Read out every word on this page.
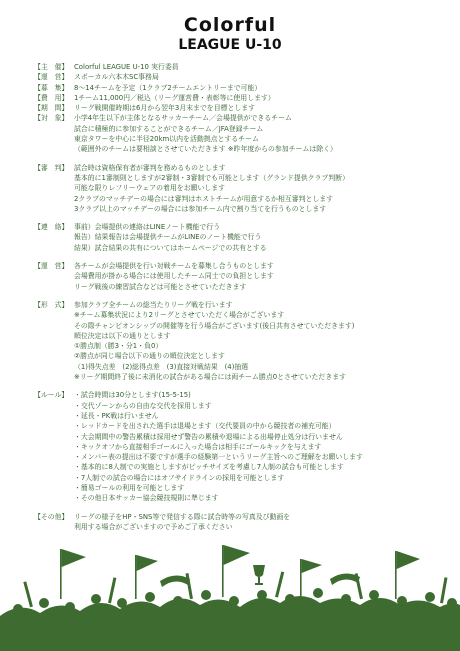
Colorful
LEAGUE U-10
【主　催】 Colorful LEAGUE U-10 実行委員
【運　営】 スポーカル六本木SC事務局
【募　集】 8～14チームを予定（1クラブ2チームエントリーまで可能）
【費　用】 1チーム11,000円／税込（リーグ運営費・表彰等に使用します）
【期　間】 リーグ戦開催時期は6月から翌年3月末までを目標とします
【対　象】 小学4年生以下が主体となるサッカーチーム／会場提供ができるチーム
試合に積極的に参加することができるチーム／JFA登録チーム
東京タワーを中心に半径20km以内を活動拠点とするチーム
（範囲外のチームは要相談とさせていただきます ※昨年度からの参加チームは除く）
【審　判】 試合時は資格保有者が審判を務めるものとします
基本的に1審制則としますが2審制・3審制でも可能とします（グランド提供クラブ判断）
可能な限りレフリーウェアの着用をお願いします
2クラブのマッチデーの場合には審判はホストチームが用意するか相互審判とします
3クラブ以上のマッチデーの場合には参加チーム内で割り当てを行うものとします
【連　絡】 事前）会場提供の連絡はLINEノート機能で行う
報告）結果報告は会場提供チームがLINEのノート機能で行う
結果）試合結果の共有についてはホームページでの共有とする
【運　営】 各チームが会場提供を行い対戦チームを募集し合うものとします
会場費用が掛かる場合には使用したチーム同士での負担とします
リーグ戦後の練習試合などは可能とさせていただきます
【形　式】 参加クラブ全チームの総当たりリーグ戦を行います
※チーム募集状況により2リーグとさせていただく場合がございます
その際チャンピオンシップの開催等を行う場合がございます(後日共有させていただきます)
順位決定は以下の通りとします
①勝点制（勝3・分1・負0）
②勝点が同じ場合以下の通りの順位決定とします
（1)得失点差　(2)総得点差　(3)直接対戦結果　(4)抽選
※リーグ期間終了後に未消化の試合がある場合には両チーム勝点0とさせていただきます
【ルール】 ・試合時間は30分とします(15-5-15)
・交代ゾーンからの自由な交代を採用します
・延長・PK戦は行いません
・レッドカードを出された選手は退場とます（交代要員の中から競技者の補充可能）
・大会期間中の警告累積は採用せず警告の累積や退場による出場停止処分は行いません
・キックオフから直接相手ゴールに入った場合は相手にゴールキックを与えます
・メンバー表の提出は不要ですが選手の経験第一というリーグ主旨へのご理解をお願いします
・基本的に8人制での実施としますがピッチサイズを考慮し7人制の試合も可能とします
・7人制での試合の場合にはオフサイドラインの採用を可能とします
・簡易ゴールの利用を可能とします
・その他日本サッカー協会競技規則に準じます
【その他】 リーグの様子をHP・SNS等で発信する際に試合時等の写真及び動画を
利用する場合がございますので予めご了承ください
